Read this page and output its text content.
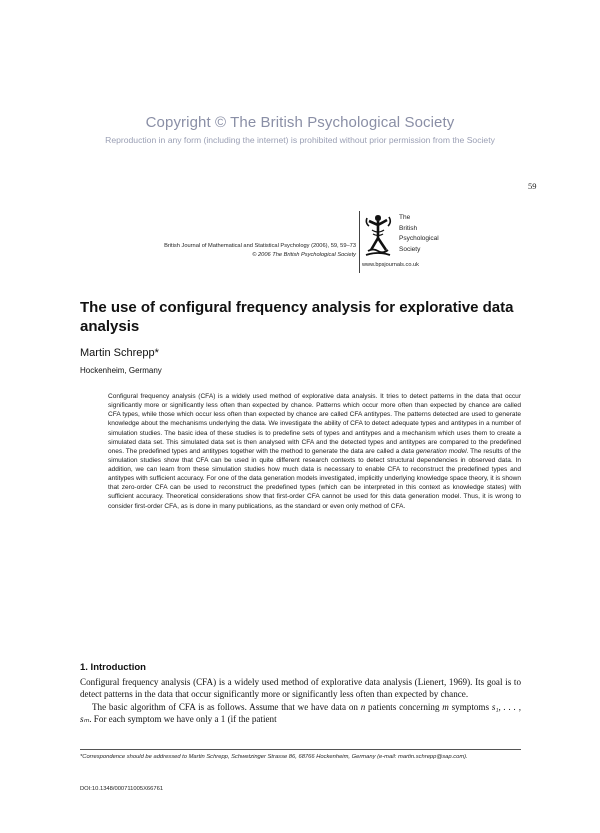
Copyright © The British Psychological Society
Reproduction in any form (including the internet) is prohibited without prior permission from the Society
59
British Journal of Mathematical and Statistical Psychology (2006), 59, 59–73
© 2006 The British Psychological Society
The
British
Psychological
Society
www.bpsjournals.co.uk
The use of configural frequency analysis for explorative data analysis
Martin Schrepp*
Hockenheim, Germany
Configural frequency analysis (CFA) is a widely used method of explorative data analysis. It tries to detect patterns in the data that occur significantly more or significantly less often than expected by chance. Patterns which occur more often than expected by chance are called CFA types, while those which occur less often than expected by chance are called CFA antitypes. The patterns detected are used to generate knowledge about the mechanisms underlying the data. We investigate the ability of CFA to detect adequate types and antitypes in a number of simulation studies. The basic idea of these studies is to predefine sets of types and antitypes and a mechanism which uses them to create a simulated data set. This simulated data set is then analysed with CFA and the detected types and antitypes are compared to the predefined ones. The predefined types and antitypes together with the method to generate the data are called a data generation model. The results of the simulation studies show that CFA can be used in quite different research contexts to detect structural dependencies in observed data. In addition, we can learn from these simulation studies how much data is necessary to enable CFA to reconstruct the predefined types and antitypes with sufficient accuracy. For one of the data generation models investigated, implicitly underlying knowledge space theory, it is shown that zero-order CFA can be used to reconstruct the predefined types (which can be interpreted in this context as knowledge states) with sufficient accuracy. Theoretical considerations show that first-order CFA cannot be used for this data generation model. Thus, it is wrong to consider first-order CFA, as is done in many publications, as the standard or even only method of CFA.
1. Introduction

Configural frequency analysis (CFA) is a widely used method of explorative data analysis (Lienert, 1969). Its goal is to detect patterns in the data that occur significantly more or significantly less often than expected by chance.

The basic algorithm of CFA is as follows. Assume that we have data on n patients concerning m symptoms s₁, . . . , sₘ. For each symptom we have only a 1 (if the patient

*Correspondence should be addressed to Martin Schrepp, Schwetzinger Strasse 86, 68766 Hockenheim, Germany (e-mail: martin.schrepp@sap.com).
DOI:10.1348/000711005X66761
